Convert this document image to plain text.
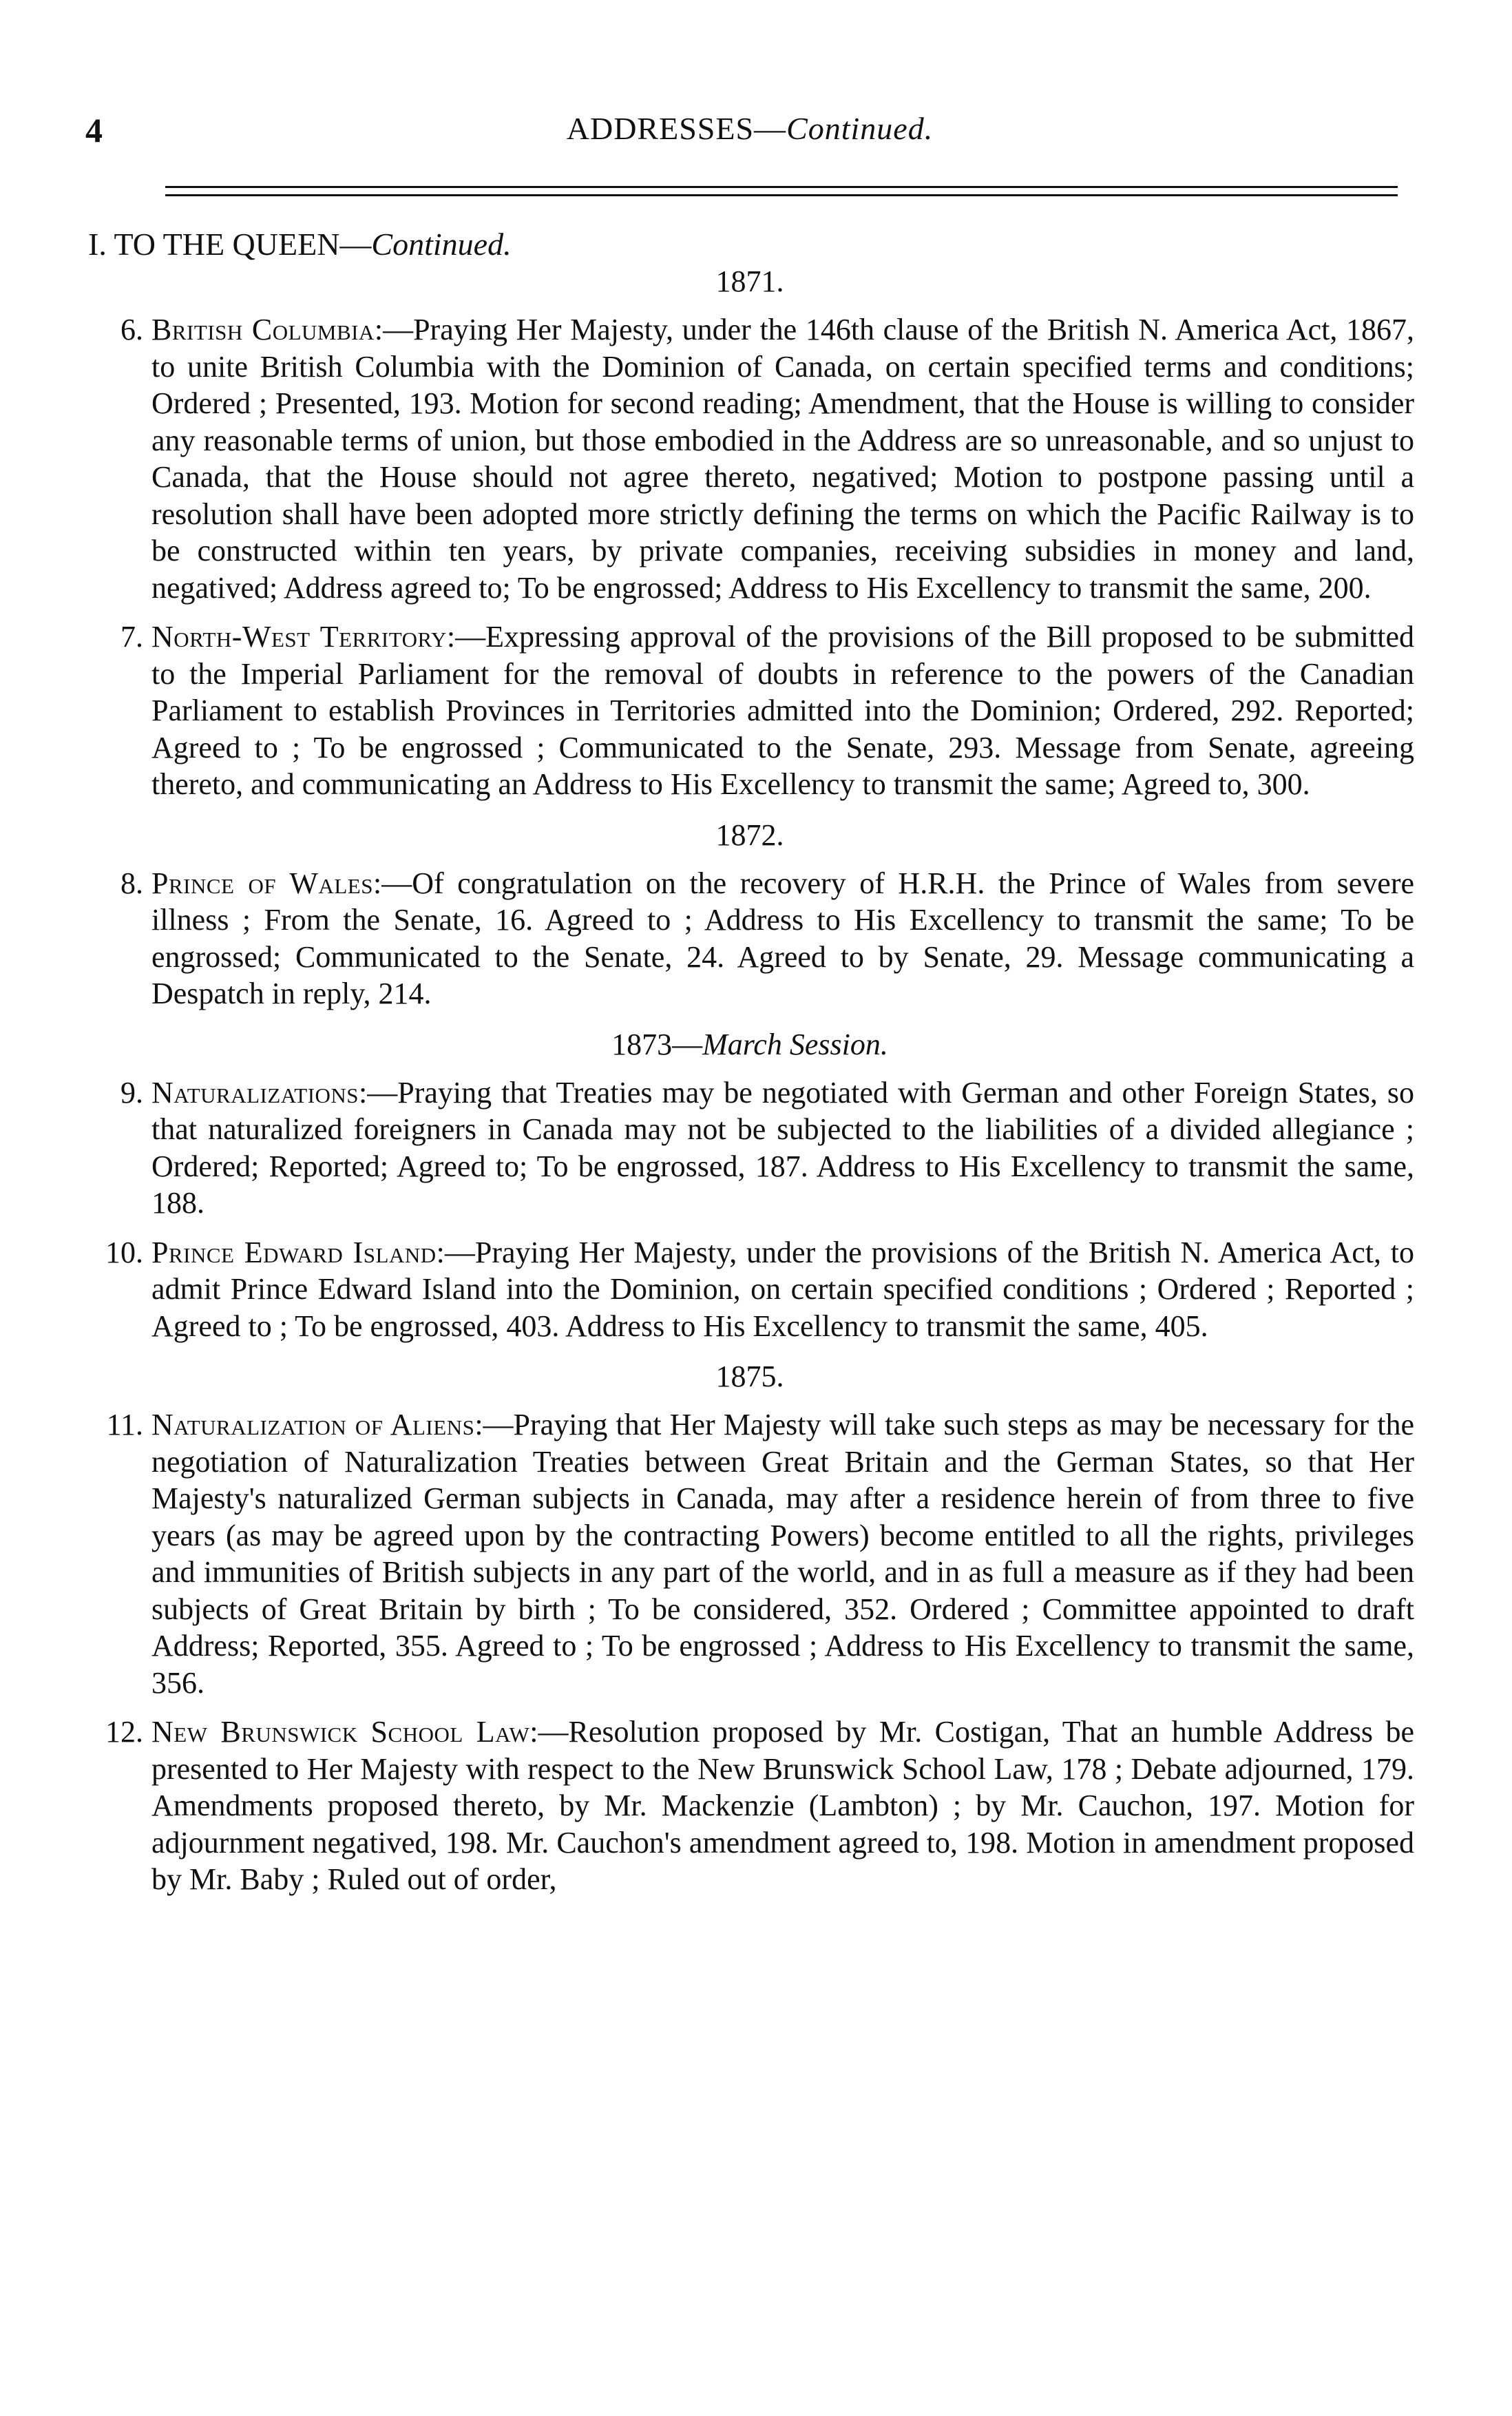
4	ADDRESSES—Continued.
I. TO THE QUEEN—Continued.
1871.
6. British Columbia:—Praying Her Majesty, under the 146th clause of the British N. America Act, 1867, to unite British Columbia with the Dominion of Canada, on certain specified terms and conditions; Ordered ; Presented, 193. Motion for second reading; Amendment, that the House is willing to consider any reasonable terms of union, but those embodied in the Address are so unreasonable, and so unjust to Canada, that the House should not agree thereto, negatived; Motion to postpone passing until a resolution shall have been adopted more strictly defining the terms on which the Pacific Railway is to be constructed within ten years, by private companies, receiving subsidies in money and land, negatived; Address agreed to; To be engrossed; Address to His Excellency to transmit the same, 200.
7. North-West Territory:—Expressing approval of the provisions of the Bill proposed to be submitted to the Imperial Parliament for the removal of doubts in reference to the powers of the Canadian Parliament to establish Provinces in Territories admitted into the Dominion; Ordered, 292. Reported; Agreed to ; To be engrossed ; Communicated to the Senate, 293. Message from Senate, agreeing thereto, and communicating an Address to His Excellency to transmit the same; Agreed to, 300.
1872.
8. Prince of Wales:—Of congratulation on the recovery of H.R.H. the Prince of Wales from severe illness ; From the Senate, 16. Agreed to ; Address to His Excellency to transmit the same; To be engrossed; Communicated to the Senate, 24. Agreed to by Senate, 29. Message communicating a Despatch in reply, 214.
1873—March Session.
9. Naturalizations:—Praying that Treaties may be negotiated with German and other Foreign States, so that naturalized foreigners in Canada may not be subjected to the liabilities of a divided allegiance ; Ordered; Reported; Agreed to; To be engrossed, 187. Address to His Excellency to transmit the same, 188.
10. Prince Edward Island:—Praying Her Majesty, under the provisions of the British N. America Act, to admit Prince Edward Island into the Dominion, on certain specified conditions ; Ordered ; Reported ; Agreed to ; To be engrossed, 403. Address to His Excellency to transmit the same, 405.
1875.
11. Naturalization of Aliens:—Praying that Her Majesty will take such steps as may be necessary for the negotiation of Naturalization Treaties between Great Britain and the German States, so that Her Majesty's naturalized German subjects in Canada, may after a residence herein of from three to five years (as may be agreed upon by the contracting Powers) become entitled to all the rights, privileges and immunities of British subjects in any part of the world, and in as full a measure as if they had been subjects of Great Britain by birth ; To be considered, 352. Ordered ; Committee appointed to draft Address; Reported, 355. Agreed to ; To be engrossed ; Address to His Excellency to transmit the same, 356.
12. New Brunswick School Law:—Resolution proposed by Mr. Costigan, That an humble Address be presented to Her Majesty with respect to the New Brunswick School Law, 178 ; Debate adjourned, 179. Amendments proposed thereto, by Mr. Mackenzie (Lambton) ; by Mr. Cauchon, 197. Motion for adjournment negatived, 198. Mr. Cauchon's amendment agreed to, 198. Motion in amendment proposed by Mr. Baby ; Ruled out of order,
